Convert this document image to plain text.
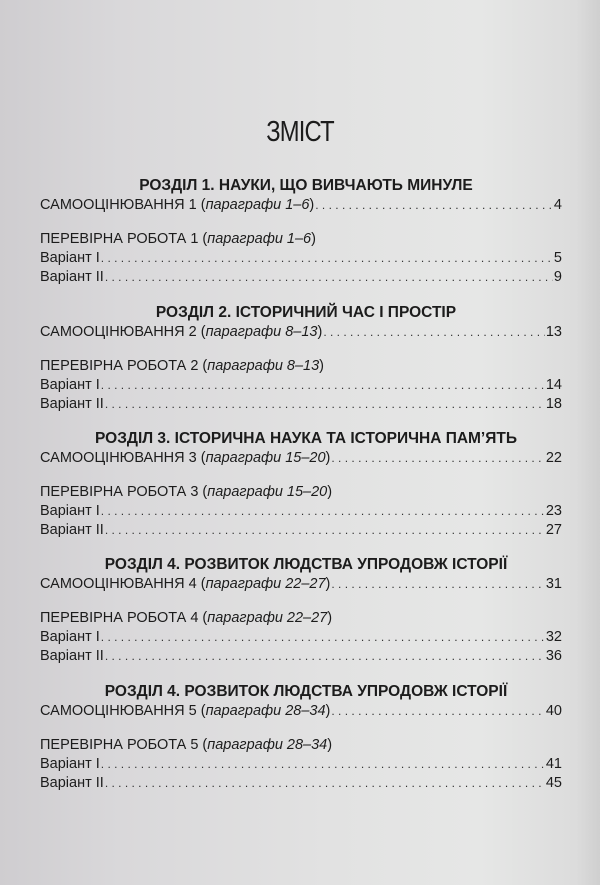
ЗМІСТ
РОЗДІЛ 1. НАУКИ, ЩО ВИВЧАЮТЬ МИНУЛЕ
САМООЦІНЮВАННЯ 1 (параграфи 1–6) . . .	4
ПЕРЕВІРНА РОБОТА 1 (параграфи 1–6)
Варіант I . . .	5
Варіант II . . .	9
РОЗДІЛ 2. ІСТОРИЧНИЙ ЧАС І ПРОСТІР
САМООЦІНЮВАННЯ 2 (параграфи 8–13) . . .	13
ПЕРЕВІРНА РОБОТА 2 (параграфи 8–13)
Варіант I . . .	14
Варіант II . . .	18
РОЗДІЛ 3. ІСТОРИЧНА НАУКА ТА ІСТОРИЧНА ПАМ’ЯТЬ
САМООЦІНЮВАННЯ 3 (параграфи 15–20) . . .	22
ПЕРЕВІРНА РОБОТА 3 (параграфи 15–20)
Варіант I . . .	23
Варіант II . . .	27
РОЗДІЛ 4. РОЗВИТОК ЛЮДСТВА УПРОДОВЖ ІСТОРІЇ
САМООЦІНЮВАННЯ 4 (параграфи 22–27) . . .	31
ПЕРЕВІРНА РОБОТА 4 (параграфи 22–27)
Варіант I . . .	32
Варіант II . . .	36
РОЗДІЛ 4. РОЗВИТОК ЛЮДСТВА УПРОДОВЖ ІСТОРІЇ
САМООЦІНЮВАННЯ 5 (параграфи 28–34) . . .	40
ПЕРЕВІРНА РОБОТА 5 (параграфи 28–34)
Варіант I . . .	41
Варіант II . . .	45
